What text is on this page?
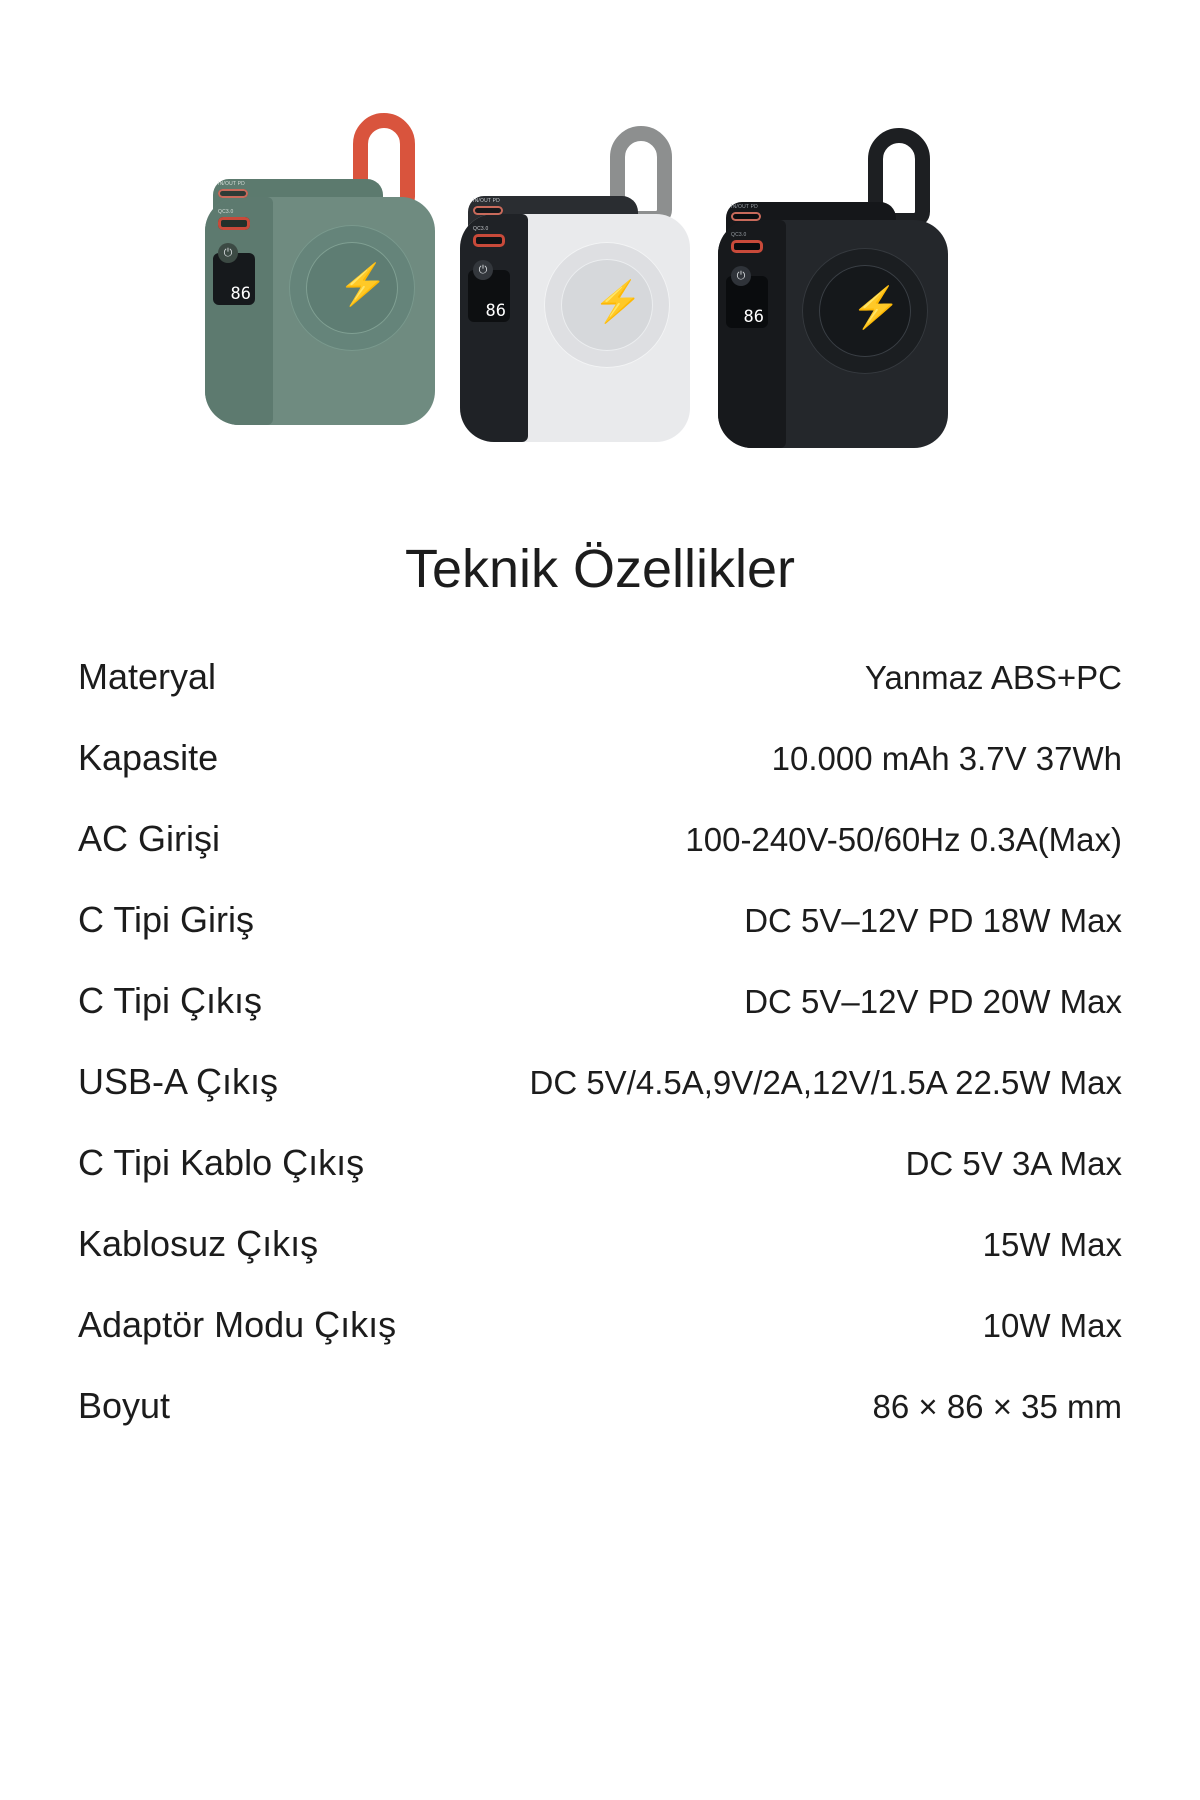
IN/OUT PD
QC3.0
86
⏻
⚡
IN/OUT PD
QC3.0
86
⏻
⚡
IN/OUT PD
QC3.0
86
⏻
⚡
Teknik Özellikler
Materyal	Yanmaz ABS+PC
Kapasite	10.000 mAh 3.7V 37Wh
AC Girişi	100-240V-50/60Hz 0.3A(Max)
C Tipi Giriş	DC 5V–12V PD 18W Max
C Tipi Çıkış	DC 5V–12V PD 20W Max
USB-A Çıkış	DC 5V/4.5A,9V/2A,12V/1.5A 22.5W Max
C Tipi Kablo Çıkış	DC 5V 3A Max
Kablosuz Çıkış	15W Max
Adaptör Modu Çıkış	10W Max
Boyut	86 × 86 × 35 mm
